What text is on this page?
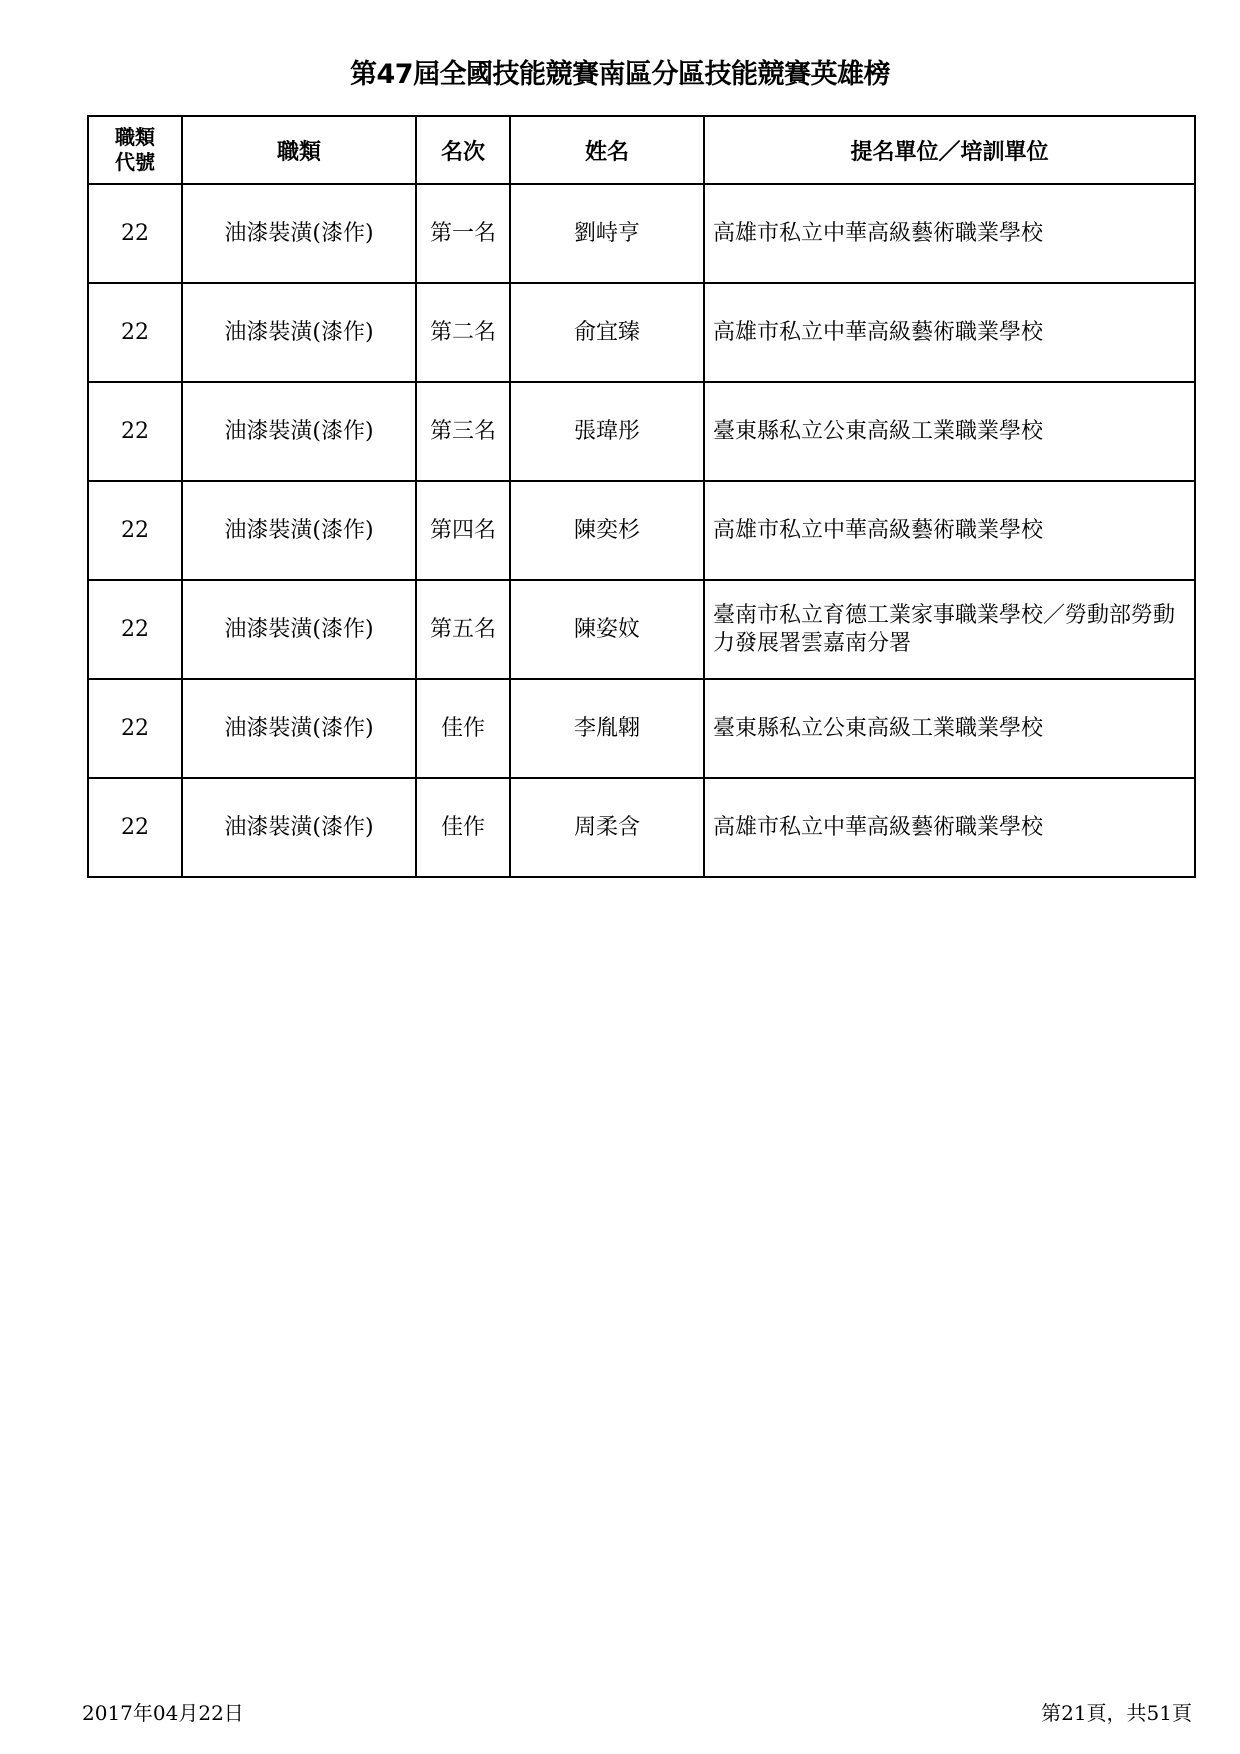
第47屆全國技能競賽南區分區技能競賽英雄榜
職類
代號	職類	名次	姓名	提名單位／培訓單位
22	油漆裝潢(漆作)	第一名	劉峙亨	高雄市私立中華高級藝術職業學校
22	油漆裝潢(漆作)	第二名	俞宜臻	高雄市私立中華高級藝術職業學校
22	油漆裝潢(漆作)	第三名	張瑋彤	臺東縣私立公東高級工業職業學校
22	油漆裝潢(漆作)	第四名	陳奕杉	高雄市私立中華高級藝術職業學校
22	油漆裝潢(漆作)	第五名	陳姿妏	臺南市私立育德工業家事職業學校／勞動部勞動力發展署雲嘉南分署
22	油漆裝潢(漆作)	佳作	李胤翺	臺東縣私立公東高級工業職業學校
22	油漆裝潢(漆作)	佳作	周柔含	高雄市私立中華高級藝術職業學校
2017年04月22日	第21頁，共51頁
